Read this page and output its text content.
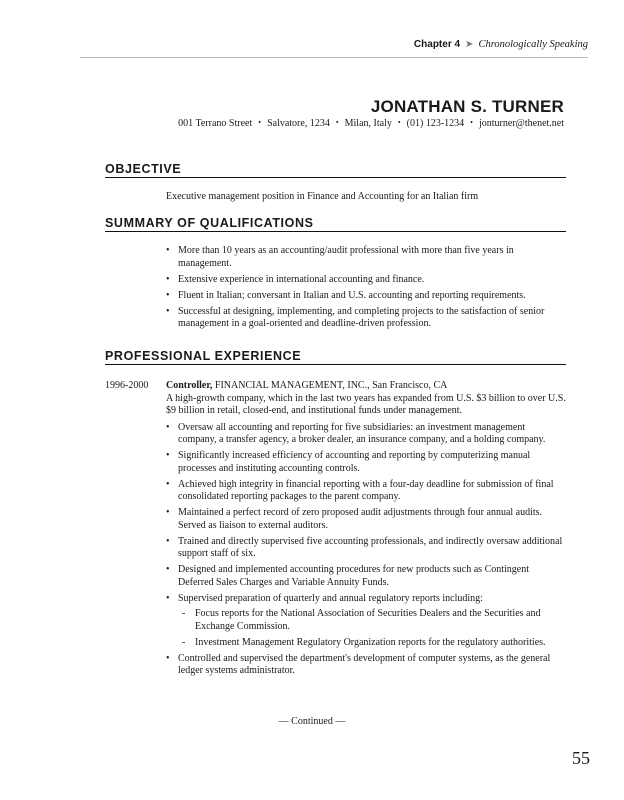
Chapter 4 ➤ Chronologically Speaking
JONATHAN S. TURNER
001 Terrano Street • Salvatore, 1234 • Milan, Italy • (01) 123-1234 • jonturner@thenet.net
OBJECTIVE
Executive management position in Finance and Accounting for an Italian firm
SUMMARY OF QUALIFICATIONS
• More than 10 years as an accounting/audit professional with more than five years in management.
• Extensive experience in international accounting and finance.
• Fluent in Italian; conversant in Italian and U.S. accounting and reporting requirements.
• Successful at designing, implementing, and completing projects to the satisfaction of senior management in a goal-oriented and deadline-driven profession.
PROFESSIONAL EXPERIENCE
1996-2000 Controller, FINANCIAL MANAGEMENT, INC., San Francisco, CA
A high-growth company, which in the last two years has expanded from U.S. $3 billion to over U.S. $9 billion in retail, closed-end, and institutional funds under management.
• Oversaw all accounting and reporting for five subsidiaries: an investment management company, a transfer agency, a broker dealer, an insurance company, and a holding company.
• Significantly increased efficiency of accounting and reporting by computerizing manual processes and instituting accounting controls.
• Achieved high integrity in financial reporting with a four-day deadline for submission of final consolidated reporting packages to the parent company.
• Maintained a perfect record of zero proposed audit adjustments through four annual audits. Served as liaison to external auditors.
• Trained and directly supervised five accounting professionals, and indirectly oversaw additional support staff of six.
• Designed and implemented accounting procedures for new products such as Contingent Deferred Sales Charges and Variable Annuity Funds.
• Supervised preparation of quarterly and annual regulatory reports including:
- Focus reports for the National Association of Securities Dealers and the Securities and Exchange Commission.
- Investment Management Regulatory Organization reports for the regulatory authorities.
• Controlled and supervised the department's development of computer systems, as the general ledger systems administrator.
— Continued —
55
